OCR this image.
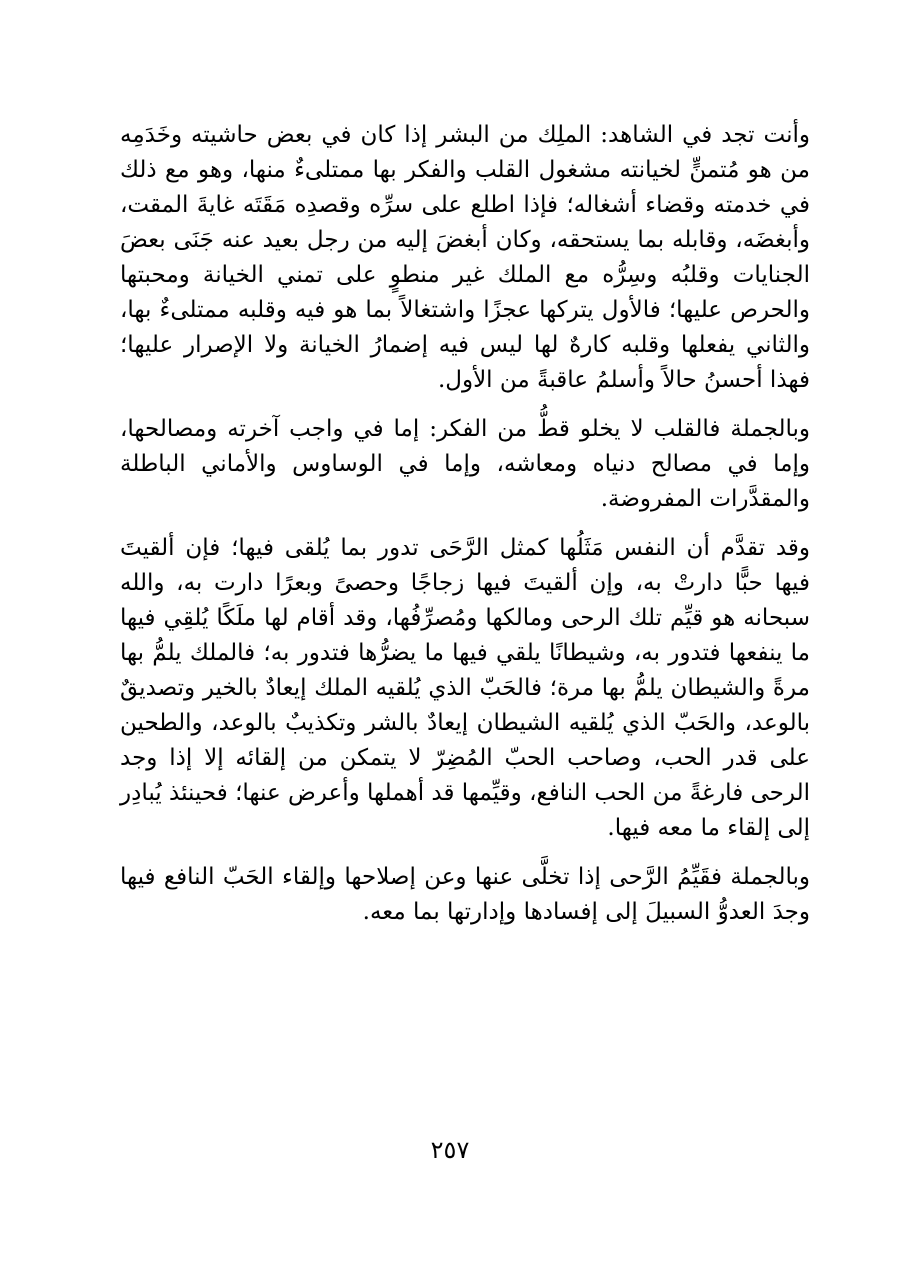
وأنت تجد في الشاهد: الملِك من البشر إذا كان في بعض حاشيته وخَدَمِه من هو مُتمنٍّ لخيانته مشغول القلب والفكر بها ممتلىءٌ منها، وهو مع ذلك في خدمته وقضاء أشغاله؛ فإذا اطلع على سرِّه وقصدِه مَقَتَه غايةَ المقت، وأبغضَه، وقابله بما يستحقه، وكان أبغضَ إليه من رجل بعيد عنه جَنَى بعضَ الجنايات وقلبُه وسِرُّه مع الملك غير منطوٍ على تمني الخيانة ومحبتها والحرص عليها؛ فالأول يتركها عجزًا واشتغالاً بما هو فيه وقلبه ممتلىءٌ بها، والثاني يفعلها وقلبه كارهٌ لها ليس فيه إضمارُ الخيانة ولا الإصرار عليها؛ فهذا أحسنُ حالاً وأسلمُ عاقبةً من الأول.

وبالجملة فالقلب لا يخلو قطُّ من الفكر: إما في واجب آخرته ومصالحها، وإما في مصالح دنياه ومعاشه، وإما في الوساوس والأماني الباطلة والمقدَّرات المفروضة.

وقد تقدَّم أن النفس مَثَلُها كمثل الرَّحَى تدور بما يُلقى فيها؛ فإن ألقيتَ فيها حبًّا دارتْ به، وإن ألقيتَ فيها زجاجًا وحصىً وبعرًا دارت به، والله سبحانه هو قيِّم تلك الرحى ومالكها ومُصرِّفُها، وقد أقام لها ملَكًا يُلقِي فيها ما ينفعها فتدور به، وشيطانًا يلقي فيها ما يضرُّها فتدور به؛ فالملك يلمُّ بها مرةً والشيطان يلمُّ بها مرة؛ فالحَبّ الذي يُلقيه الملك إيعادٌ بالخير وتصديقٌ بالوعد، والحَبّ الذي يُلقيه الشيطان إيعادٌ بالشر وتكذيبٌ بالوعد، والطحين على قدر الحب، وصاحب الحبّ المُضِرّ لا يتمكن من إلقائه إلا إذا وجد الرحى فارغةً من الحب النافع، وقيِّمها قد أهملها وأعرض عنها؛ فحينئذ يُبادِر إلى إلقاء ما معه فيها.

وبالجملة فقَيِّمُ الرَّحى إذا تخلَّى عنها وعن إصلاحها وإلقاء الحَبّ النافع فيها وجدَ العدوُّ السبيلَ إلى إفسادها وإدارتها بما معه.

٢٥٧
